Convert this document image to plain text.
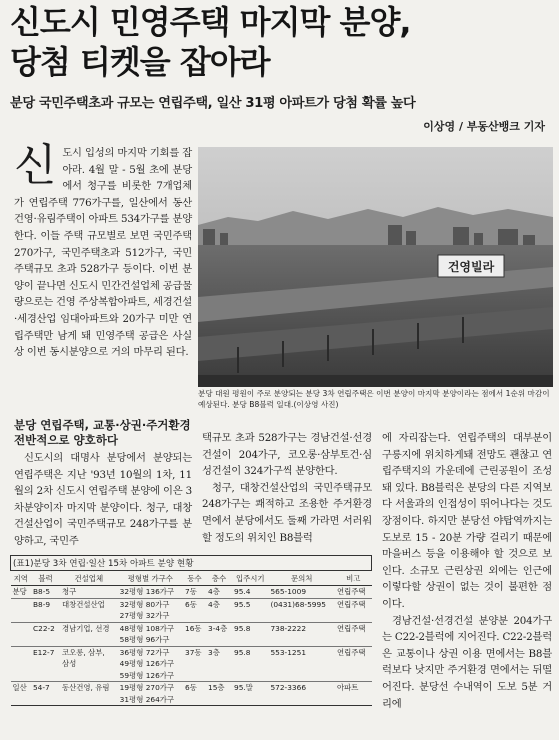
신도시 민영주택 마지막 분양,
당첨 티켓을 잡아라
분당 국민주택초과 규모는 연립주택, 일산 31평 아파트가 당첨 확률 높다
이상영 / 부동산뱅크 기자
신 도시 입성의 마지막 기회를 잡아라. 4월 말 - 5월 초에 분당에서 청구를 비롯한 7개업체가 연립주택 776가구를, 일산에서 동산건영·유림주택이 아파트 534가구를 분양한다. 이들 주택 규모별로 보면 국민주택 270가구, 국민주택초과 512가구, 국민주택규모 초과 528가구 등이다. 이번 분양이 끝나면 신도시 민간건설업체 공급물량으로는 건영 주상복합아파트, 세경건설·세경산업 임대아파트와 20가구 미만 연립주택만 남게 돼 민영주택 공급은 사실상 이번 동시분양으로 거의 마무리 된다.

분당 연립주택, 교통·상권·주거환경 전반적으로 양호하다

신도시의 대명사 분당에서 분양되는 연립주택은 지난 '93년 10월의 1차, 11월의 2차 신도시 연립주택 분양에 이은 3차분양이자 마지막 분양이다. 청구, 대창건설산업이 국민주택규모 248가구를 분양하고, 국민주

건영빌라
분당 대원 평원이 주로 분양되는 분당 3차 연립주택은 이번 분양이 마지막 분양이라는 점에서 1순위 마감이 예상된다. 분당 B8블럭 일대.(이상영 사진)
(표1)분당 3차 연립·일산 15차 아파트 분양 현황								
지역	블럭	건설업체	평형별 가구수	동수	층수	입주시기	문의처	비고
분당	B8-5	청구	32평형 136가구	7동	4층	95.4	565-1009	연립주택
	B8-9	대창건설산업	32평형 80가구	6동	4층	95.5	(0431)68-5995	연립주택
			27평형 32가구					
	C22-2	경남기업, 선경	48평형 108가구	16동	3-4층	95.8	738-2222	연립주택
			58평형 96가구					
	E12-7	코오롱, 삼부,	36평형 72가구	37동	3층	95.8	553-1251	연립주택
		삼성	49평형 126가구					
			59평형 126가구					
일산	54-7	동산건영, 유림	19평형 270가구	6동	15층	95.말	572-3366	아파트
			31평형 264가구					

택규모 초과 528가구는 경남건설·선경건설이 204가구, 코오롱·삼부토건·심성건설이 324가구씩 분양한다.

청구, 대창건설산업의 국민주택규모 248가구는 쾌적하고 조용한 주거환경 면에서 분당에서도 둘째 가라면 서러워할 정도의 위치인 B8블럭

에 자리잡는다. 연립주택의 대부분이 구릉지에 위치하게돼 전망도 괜찮고 연립주택지의 가운데에 근린공원이 조성돼 있다. B8블럭은 분당의 다른 지역보다 서울과의 인접성이 뛰어나다는 것도 장점이다. 하지만 분당선 야탑역까지는 도보로 15 - 20분 가량 걸리기 때문에 마을버스 등을 이용해야 할 것으로 보인다. 소규모 근린상권 외에는 인근에 이렇다할 상권이 없는 것이 불편한 점이다.

경남건설·선경건설 분양분 204가구는 C22-2블럭에 지어진다. C22-2블럭은 교통이나 상권 이용 면에서는 B8블럭보다 낫지만 주거환경 면에서는 뒤떨어진다. 분당선 수내역이 도보 5분 거리에
